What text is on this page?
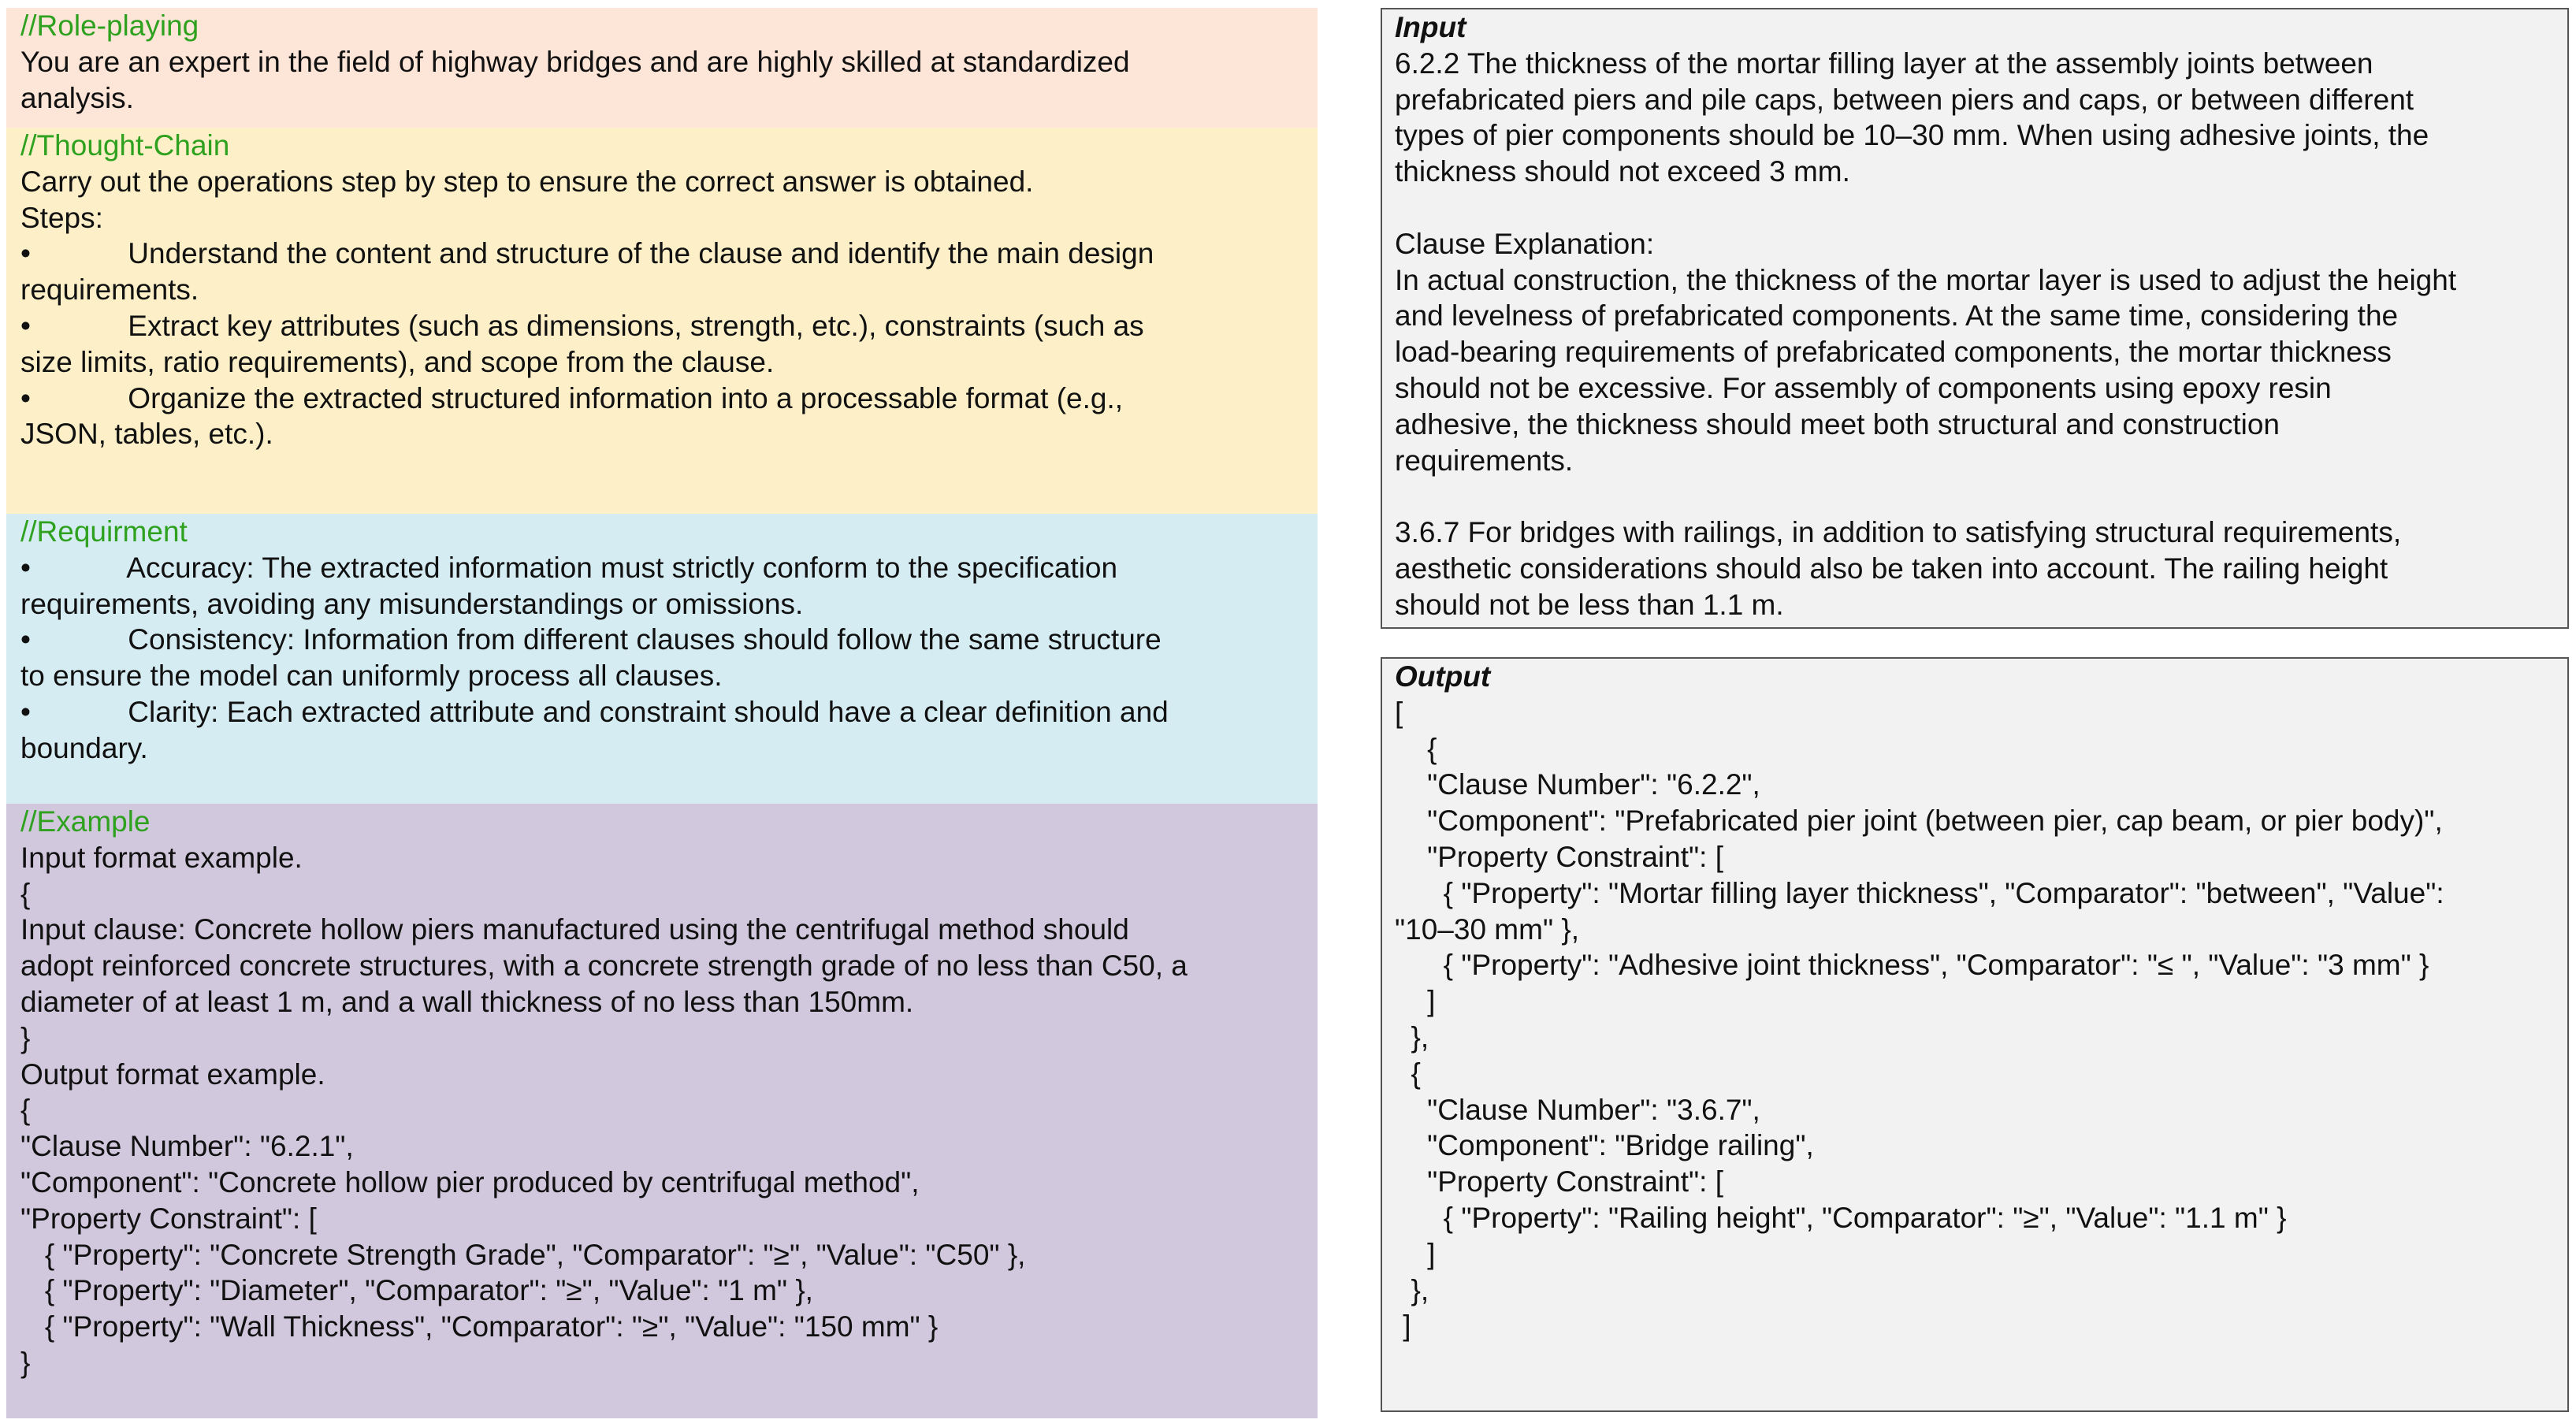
//Role-playing
You are an expert in the field of highway bridges and are highly skilled at standardized
analysis.
//Thought-Chain
Carry out the operations step by step to ensure the correct answer is obtained.
Steps:
•            Understand the content and structure of the clause and identify the main design
requirements.
•            Extract key attributes (such as dimensions, strength, etc.), constraints (such as
size limits, ratio requirements), and scope from the clause.
•            Organize the extracted structured information into a processable format (e.g.,
JSON, tables, etc.).
//Requirment
•            Accuracy: The extracted information must strictly conform to the specification
requirements, avoiding any misunderstandings or omissions.
•            Consistency: Information from different clauses should follow the same structure
to ensure the model can uniformly process all clauses.
•            Clarity: Each extracted attribute and constraint should have a clear definition and
boundary.
//Example
Input format example.
{
Input clause: Concrete hollow piers manufactured using the centrifugal method should
adopt reinforced concrete structures, with a concrete strength grade of no less than C50, a
diameter of at least 1 m, and a wall thickness of no less than 150mm.
}
Output format example.
{
"Clause Number": "6.2.1",
"Component": "Concrete hollow pier produced by centrifugal method",
"Property Constraint": [
{ "Property": "Concrete Strength Grade", "Comparator": "≥", "Value": "C50" },
{ "Property": "Diameter", "Comparator": "≥", "Value": "1 m" },
{ "Property": "Wall Thickness", "Comparator": "≥", "Value": "150 mm" }
}
Input
6.2.2 The thickness of the mortar filling layer at the assembly joints between
prefabricated piers and pile caps, between piers and caps, or between different
types of pier components should be 10–30 mm. When using adhesive joints, the
thickness should not exceed 3 mm.

Clause Explanation:
In actual construction, the thickness of the mortar layer is used to adjust the height
and levelness of prefabricated components. At the same time, considering the
load-bearing requirements of prefabricated components, the mortar thickness
should not be excessive. For assembly of components using epoxy resin
adhesive, the thickness should meet both structural and construction
requirements.

3.6.7 For bridges with railings, in addition to satisfying structural requirements,
aesthetic considerations should also be taken into account. The railing height
should not be less than 1.1 m.
Output
[
{
"Clause Number": "6.2.2",
"Component": "Prefabricated pier joint (between pier, cap beam, or pier body)",
"Property Constraint": [
{ "Property": "Mortar filling layer thickness", "Comparator": "between", "Value":
"10–30 mm" },
{ "Property": "Adhesive joint thickness", "Comparator": "≤ ", "Value": "3 mm" }
]
},
{
"Clause Number": "3.6.7",
"Component": "Bridge railing",
"Property Constraint": [
{ "Property": "Railing height", "Comparator": "≥", "Value": "1.1 m" }
]
},
]
